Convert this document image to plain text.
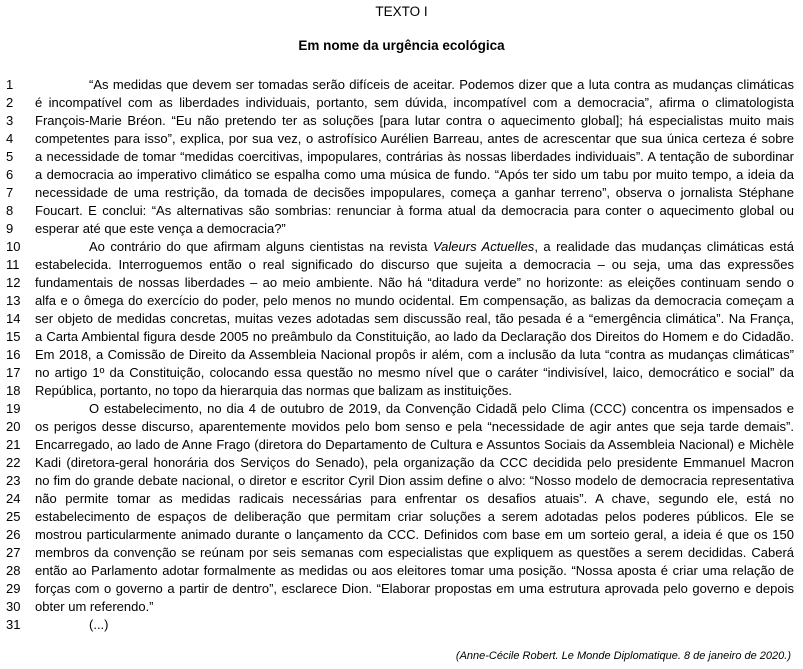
TEXTO I
Em nome da urgência ecológica
1	“As medidas que devem ser tomadas serão difíceis de aceitar. Podemos dizer que a luta contra as mudanças climáticas
2 é incompatível com as liberdades individuais, portanto, sem dúvida, incompatível com a democracia”, afirma o climatologista
3 François-Marie Bréon. “Eu não pretendo ter as soluções [para lutar contra o aquecimento global]; há especialistas muito mais
4 competentes para isso”, explica, por sua vez, o astrofísico Aurélien Barreau, antes de acrescentar que sua única certeza é sobre
5 a necessidade de tomar “medidas coercitivas, impopulares, contrárias às nossas liberdades individuais”. A tentação de subordinar
6 a democracia ao imperativo climático se espalha como uma música de fundo. “Após ter sido um tabu por muito tempo, a ideia da
7 necessidade de uma restrição, da tomada de decisões impopulares, começa a ganhar terreno”, observa o jornalista Stéphane
8 Foucart. E conclui: “As alternativas são sombrias: renunciar à forma atual da democracia para conter o aquecimento global ou
9 esperar até que este vença a democracia?”
10	Ao contrário do que afirmam alguns cientistas na revista Valeurs Actuelles, a realidade das mudanças climáticas está
11 estabelecida. Interroguemos então o real significado do discurso que sujeita a democracia – ou seja, uma das expressões
12 fundamentais de nossas liberdades – ao meio ambiente. Não há “ditadura verde” no horizonte: as eleições continuam sendo o
13 alfa e o ômega do exercício do poder, pelo menos no mundo ocidental. Em compensação, as balizas da democracia começam a
14 ser objeto de medidas concretas, muitas vezes adotadas sem discussão real, tão pesada é a “emergência climática”. Na França,
15 a Carta Ambiental figura desde 2005 no preâmbulo da Constituição, ao lado da Declaração dos Direitos do Homem e do Cidadão.
16 Em 2018, a Comissão de Direito da Assembleia Nacional propôs ir além, com a inclusão da luta “contra as mudanças climáticas”
17 no artigo 1º da Constituição, colocando essa questão no mesmo nível que o caráter “indivisível, laico, democrático e social” da
18 República, portanto, no topo da hierarquia das normas que balizam as instituições.
19	O estabelecimento, no dia 4 de outubro de 2019, da Convenção Cidadã pelo Clima (CCC) concentra os impensados e
20 os perigos desse discurso, aparentemente movidos pelo bom senso e pela “necessidade de agir antes que seja tarde demais”.
21 Encarregado, ao lado de Anne Frago (diretora do Departamento de Cultura e Assuntos Sociais da Assembleia Nacional) e Michèle
22 Kadi (diretora-geral honorária dos Serviços do Senado), pela organização da CCC decidida pelo presidente Emmanuel Macron
23 no fim do grande debate nacional, o diretor e escritor Cyril Dion assim define o alvo: “Nosso modelo de democracia representativa
24 não permite tomar as medidas radicais necessárias para enfrentar os desafios atuais”. A chave, segundo ele, está no
25 estabelecimento de espaços de deliberação que permitam criar soluções a serem adotadas pelos poderes públicos. Ele se
26 mostrou particularmente animado durante o lançamento da CCC. Definidos com base em um sorteio geral, a ideia é que os 150
27 membros da convenção se reúnam por seis semanas com especialistas que expliquem as questões a serem decididas. Caberá
28 então ao Parlamento adotar formalmente as medidas ou aos eleitores tomar uma posição. “Nossa aposta é criar uma relação de
29 forças com o governo a partir de dentro”, esclarece Dion. “Elaborar propostas em uma estrutura aprovada pelo governo e depois
30 obter um referendo.”
31	(...)
(Anne-Cécile Robert. Le Monde Diplomatique. 8 de janeiro de 2020.)
